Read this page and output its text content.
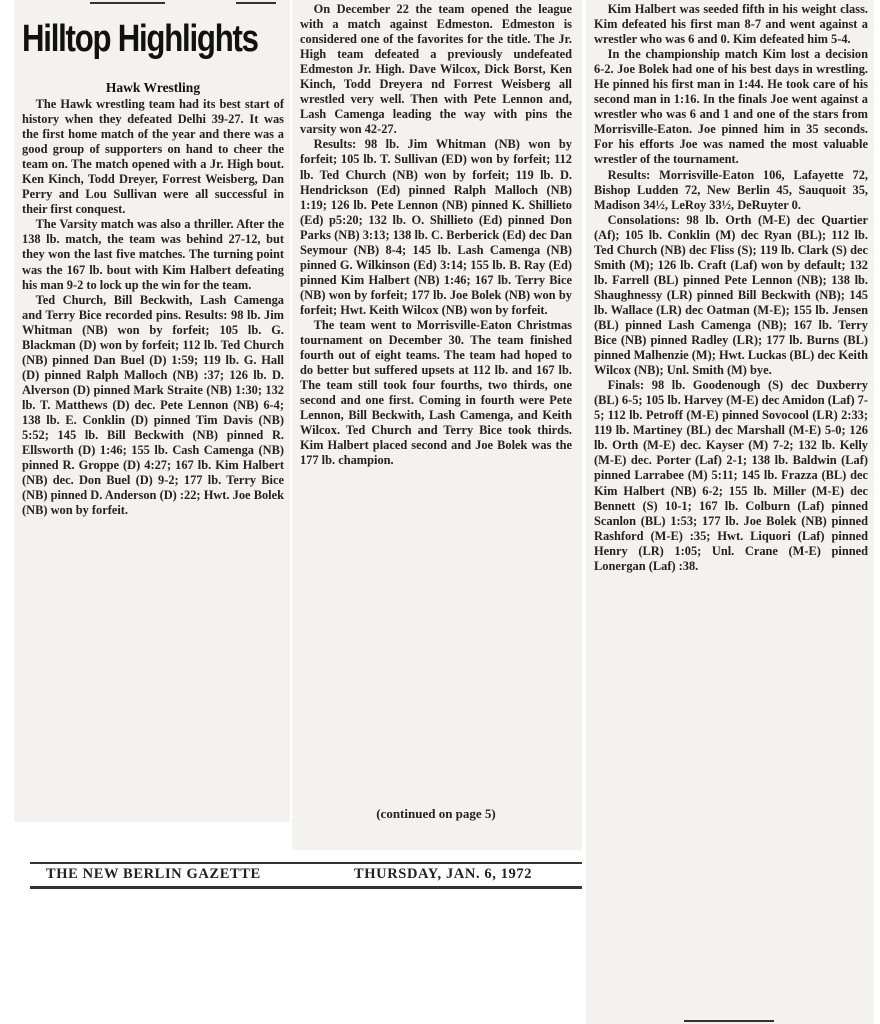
Hilltop Highlights
Hawk Wrestling

The Hawk wrestling team had its best start of history when they defeated Delhi 39-27. It was the first home match of the year and there was a good group of supporters on hand to cheer the team on. The match opened with a Jr. High bout. Ken Kinch, Todd Dreyer, Forrest Weisberg, Dan Perry and Lou Sullivan were all successful in their first conquest.

The Varsity match was also a thriller. After the 138 lb. match, the team was behind 27-12, but they won the last five matches. The turning point was the 167 lb. bout with Kim Halbert defeating his man 9-2 to lock up the win for the team.

Ted Church, Bill Beckwith, Lash Camenga and Terry Bice recorded pins. Results: 98 lb. Jim Whitman (NB) won by forfeit; 105 lb. G. Blackman (D) won by forfeit; 112 lb. Ted Church (NB) pinned Dan Buel (D) 1:59; 119 lb. G. Hall (D) pinned Ralph Malloch (NB) :37; 126 lb. D. Alverson (D) pinned Mark Straite (NB) 1:30; 132 lb. T. Matthews (D) dec. Pete Lennon (NB) 6-4; 138 lb. E. Conklin (D) pinned Tim Davis (NB) 5:52; 145 lb. Bill Beckwith (NB) pinned R. Ellsworth (D) 1:46; 155 lb. Cash Camenga (NB) pinned R. Groppe (D) 4:27; 167 lb. Kim Halbert (NB) dec. Don Buel (D) 9-2; 177 lb. Terry Bice (NB) pinned D. Anderson (D) :22; Hwt. Joe Bolek (NB) won by forfeit.

On December 22 the team opened the league with a match against Edmeston. Edmeston is considered one of the favorites for the title. The Jr. High team defeated a previously undefeated Edmeston Jr. High. Dave Wilcox, Dick Borst, Ken Kinch, Todd Dreyera nd Forrest Weisberg all wrestled very well. Then with Pete Lennon and, Lash Camenga leading the way with pins the varsity won 42-27.

Results: 98 lb. Jim Whitman (NB) won by forfeit; 105 lb. T. Sullivan (ED) won by forfeit; 112 lb. Ted Church (NB) won by forfeit; 119 lb. D. Hendrickson (Ed) pinned Ralph Malloch (NB) 1:19; 126 lb. Pete Lennon (NB) pinned K. Shillieto (Ed) p5:20; 132 lb. O. Shillieto (Ed) pinned Don Parks (NB) 3:13; 138 lb. C. Berberick (Ed) dec Dan Seymour (NB) 8-4; 145 lb. Lash Camenga (NB) pinned G. Wilkinson (Ed) 3:14; 155 lb. B. Ray (Ed) pinned Kim Halbert (NB) 1:46; 167 lb. Terry Bice (NB) won by forfeit; 177 lb. Joe Bolek (NB) won by forfeit; Hwt. Keith Wilcox (NB) won by forfeit.

The team went to Morrisville-Eaton Christmas tournament on December 30. The team finished fourth out of eight teams. The team had hoped to do better but suffered upsets at 112 lb. and 167 lb. The team still took four fourths, two thirds, one second and one first. Coming in fourth were Pete Lennon, Bill Beckwith, Lash Camenga, and Keith Wilcox. Ted Church and Terry Bice took thirds. Kim Halbert placed second and Joe Bolek was the 177 lb. champion.

(continued on page 5)

Kim Halbert was seeded fifth in his weight class. Kim defeated his first man 8-7 and went against a wrestler who was 6 and 0. Kim defeated him 5-4.

In the championship match Kim lost a decision 6-2. Joe Bolek had one of his best days in wrestling. He pinned his first man in 1:44. He took care of his second man in 1:16. In the finals Joe went against a wrestler who was 6 and 1 and one of the stars from Morrisville-Eaton. Joe pinned him in 35 seconds. For his efforts Joe was named the most valuable wrestler of the tournament.

Results: Morrisville-Eaton 106, Lafayette 72, Bishop Ludden 72, New Berlin 45, Sauquoit 35, Madison 34½, LeRoy 33½, DeRuyter 0.

Consolations: 98 lb. Orth (M-E) dec Quartier (Af); 105 lb. Conklin (M) dec Ryan (BL); 112 lb. Ted Church (NB) dec Fliss (S); 119 lb. Clark (S) dec Smith (M); 126 lb. Craft (Laf) won by default; 132 lb. Farrell (BL) pinned Pete Lennon (NB); 138 lb. Shaughnessy (LR) pinned Bill Beckwith (NB); 145 lb. Wallace (LR) dec Oatman (M-E); 155 lb. Jensen (BL) pinned Lash Camenga (NB); 167 lb. Terry Bice (NB) pinned Radley (LR); 177 lb. Burns (BL) pinned Malhenzie (M); Hwt. Luckas (BL) dec Keith Wilcox (NB); Unl. Smith (M) bye.

Finals: 98 lb. Goodenough (S) dec Duxberry (BL) 6-5; 105 lb. Harvey (M-E) dec Amidon (Laf) 7-5; 112 lb. Petroff (M-E) pinned Sovocool (LR) 2:33; 119 lb. Martiney (BL) dec Marshall (M-E) 5-0; 126 lb. Orth (M-E) dec. Kayser (M) 7-2; 132 lb. Kelly (M-E) dec. Porter (Laf) 2-1; 138 lb. Baldwin (Laf) pinned Larrabee (M) 5:11; 145 lb. Frazza (BL) dec Kim Halbert (NB) 6-2; 155 lb. Miller (M-E) dec Bennett (S) 10-1; 167 lb. Colburn (Laf) pinned Scanlon (BL) 1:53; 177 lb. Joe Bolek (NB) pinned Rashford (M-E) :35; Hwt. Liquori (Laf) pinned Henry (LR) 1:05; Unl. Crane (M-E) pinned Lonergan (Laf) :38.

THE NEW BERLIN GAZETTE	THURSDAY, JAN. 6, 1972
